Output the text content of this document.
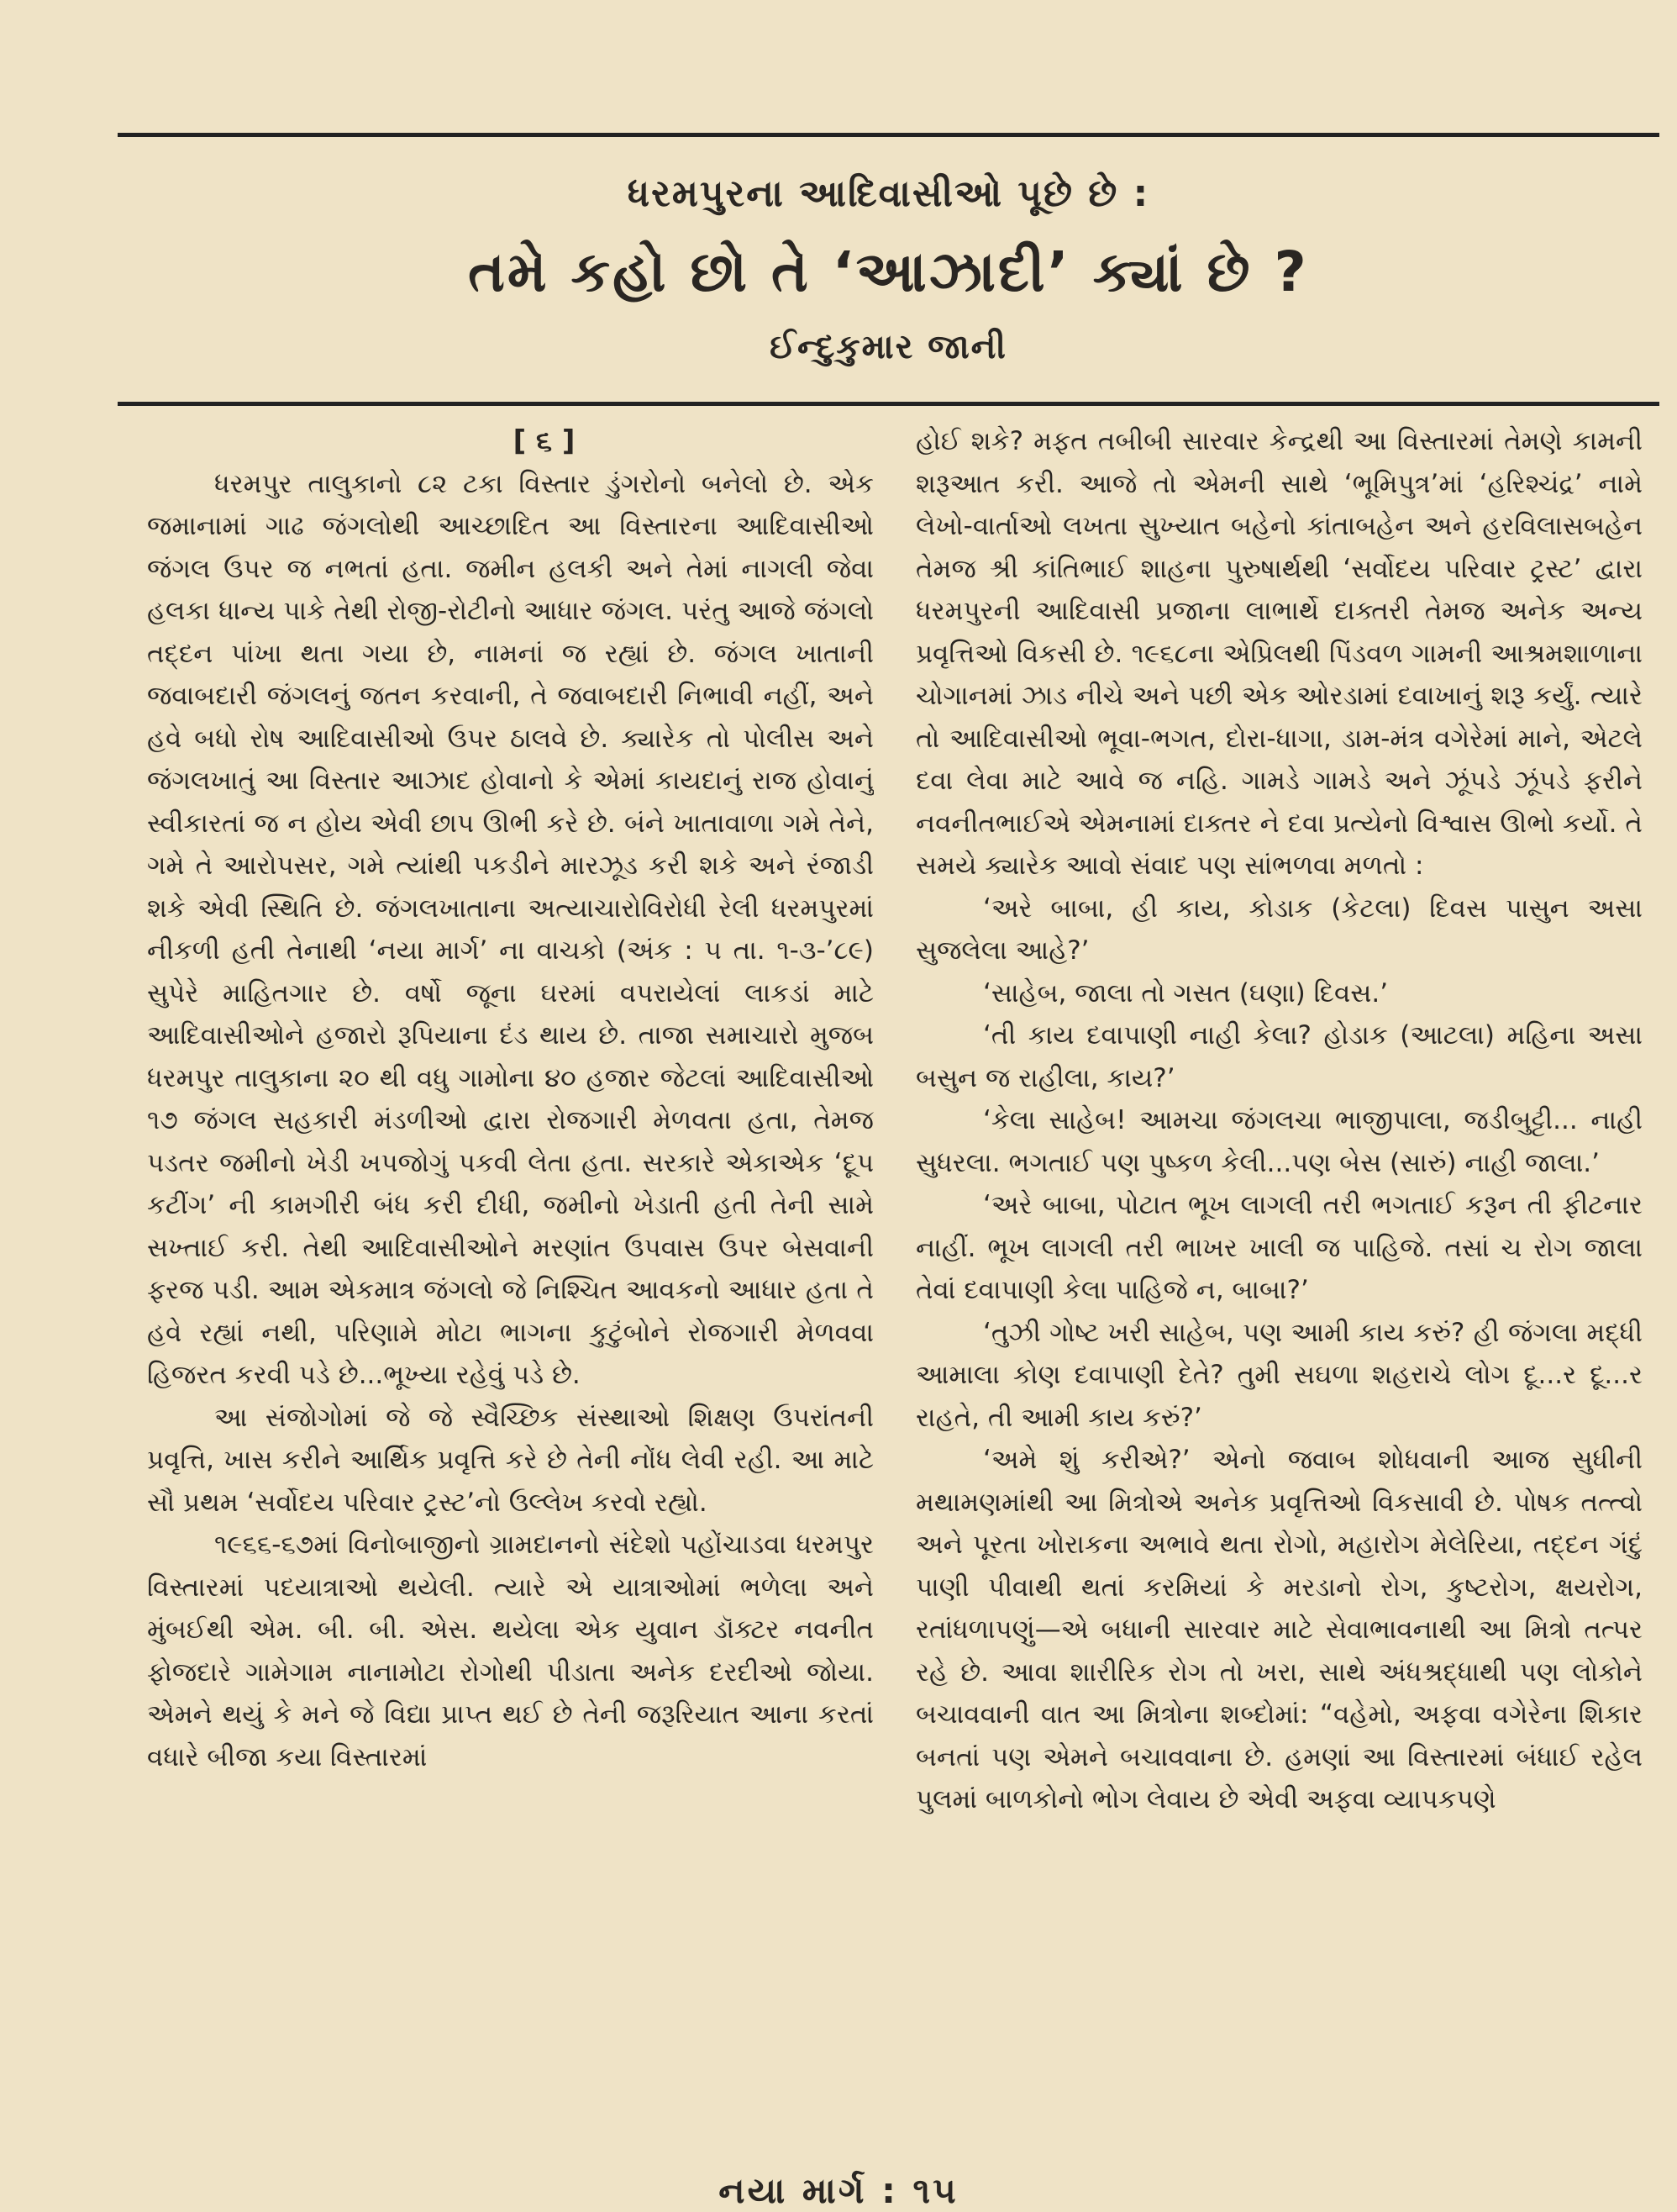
ધરમપુરના આદિવાસીઓ પૂછે છે :
તમે કહો છો તે ‘આઝાદી’ ક્યાં છે ?
ઈન્દુકુમાર જાની

[ ૬ ]

ધરમપુર તાલુકાનો ૮૨ ટકા વિસ્તાર ડુંગરોનો બનેલો છે. એક જમાનામાં ગાઢ જંગલોથી આચ્છાદિત આ વિસ્તારના આદિવાસીઓ જંગલ ઉપર જ નભતાં હતા. જમીન હલકી અને તેમાં નાગલી જેવા હલકા ધાન્ય પાકે તેથી રોજી-રોટીનો આધાર જંગલ. પરંતુ આજે જંગલો તદ્દન પાંખા થતા ગયા છે, નામનાં જ રહ્યાં છે. જંગલ ખાતાની જવાબદારી જંગલનું જતન કરવાની, તે જવાબદારી નિભાવી નહીં, અને હવે બધો રોષ આદિવાસીઓ ઉપર ઠાલવે છે. ક્યારેક તો પોલીસ અને જંગલખાતું આ વિસ્તાર આઝાદ હોવાનો કે એમાં કાયદાનું રાજ હોવાનું સ્વીકારતાં જ ન હોય એવી છાપ ઊભી કરે છે. બંને ખાતાવાળા ગમે તેને, ગમે તે આરોપસર, ગમે ત્યાંથી પકડીને મારઝૂડ કરી શકે અને રંજાડી શકે એવી સ્થિતિ છે. જંગલખાતાના અત્યાચારોવિરોધી રેલી ધરમપુરમાં નીકળી હતી તેનાથી ‘નયા માર્ગ’ ના વાચકો (અંક : ૫ તા. ૧-૩-’૮૯) સુપેરે માહિતગાર છે. વર્ષો જૂના ઘરમાં વપરાયેલાં લાકડાં માટે આદિવાસીઓને હજારો રૂપિયાના દંડ થાય છે. તાજા સમાચારો મુજબ ધરમપુર તાલુકાના ૨૦ થી વધુ ગામોના ૪૦ હજાર જેટલાં આદિવાસીઓ ૧૭ જંગલ સહકારી મંડળીઓ દ્વારા રોજગારી મેળવતા હતા, તેમજ પડતર જમીનો ખેડી ખપજોગું પકવી લેતા હતા. સરકારે એકાએક ‘દૂપ કટીંગ’ ની કામગીરી બંધ કરી દીધી, જમીનો ખેડાતી હતી તેની સામે સખ્તાઈ કરી. તેથી આદિવાસીઓને મરણાંત ઉપવાસ ઉપર બેસવાની ફરજ પડી. આમ એકમાત્ર જંગલો જે નિશ્ચિત આવકનો આધાર હતા તે હવે રહ્યાં નથી, પરિણામે મોટા ભાગના કુટુંબોને રોજગારી મેળવવા હિજરત કરવી પડે છે...ભૂખ્યા રહેવું પડે છે.

આ સંજોગોમાં જે જે સ્વૈચ્છિક સંસ્થાઓ શિક્ષણ ઉપરાંતની પ્રવૃત્તિ, ખાસ કરીને આર્થિક પ્રવૃત્તિ કરે છે તેની નોંધ લેવી રહી. આ માટે સૌ પ્રથમ ‘સર્વોદય પરિવાર ટ્રસ્ટ’નો ઉલ્લેખ કરવો રહ્યો.

૧૯૬૬-૬૭માં વિનોબાજીનો ગ્રામદાનનો સંદેશો પહોંચાડવા ધરમપુર વિસ્તારમાં પદયાત્રાઓ થયેલી. ત્યારે એ યાત્રાઓમાં ભળેલા અને મુંબઈથી એમ. બી. બી. એસ. થયેલા એક યુવાન ડૉક્ટર નવનીત ફોજદારે ગામેગામ નાનામોટા રોગોથી પીડાતા અનેક દરદીઓ જોયા. એમને થયું કે મને જે વિદ્યા પ્રાપ્ત થઈ છે તેની જરૂરિયાત આના કરતાં વધારે બીજા કયા વિસ્તારમાં

હોઈ શકે? મફત તબીબી સારવાર કેન્દ્રથી આ વિસ્તારમાં તેમણે કામની શરૂઆત કરી. આજે તો એમની સાથે ‘ભૂમિપુત્ર’માં ‘હરિશ્ચંદ્ર’ નામે લેખો-વાર્તાઓ લખતા સુખ્યાત બહેનો કાંતાબહેન અને હરવિલાસબહેન તેમજ શ્રી કાંતિભાઈ શાહના પુરુષાર્થથી ‘સર્વોદય પરિવાર ટ્રસ્ટ’ દ્વારા ધરમપુરની આદિવાસી પ્રજાના લાભાર્થે દાક્તરી તેમજ અનેક અન્ય પ્રવૃત્તિઓ વિકસી છે. ૧૯૬૮ના એપ્રિલથી પિંડવળ ગામની આશ્રમશાળાના ચોગાનમાં ઝાડ નીચે અને પછી એક ઓરડામાં દવાખાનું શરૂ કર્યું. ત્યારે તો આદિવાસીઓ ભૂવા-ભગત, દોરા-ધાગા, ડામ-મંત્ર વગેરેમાં માને, એટલે દવા લેવા માટે આવે જ નહિ. ગામડે ગામડે અને ઝૂંપડે ઝૂંપડે ફરીને નવનીતભાઈએ એમનામાં દાક્તર ને દવા પ્રત્યેનો વિશ્વાસ ઊભો કર્યો. તે સમયે ક્યારેક આવો સંવાદ પણ સાંભળવા મળતો :

‘અરે બાબા, હી કાય, કોડાક (કેટલા) દિવસ પાસુન અસા સુજલેલા આહે?’

‘સાહેબ, જાલા તો ગસત (ઘણા) દિવસ.’

‘તી કાય દવાપાણી નાહી કેલા? હોડાક (આટલા) મહિના અસા બસુન જ રાહીલા, કાય?’

‘કેલા સાહેબ! આમચા જંગલચા ભાજીપાલા, જડીબુટ્ટી... નાહી સુધરલા. ભગતાઈ પણ પુષ્કળ કેલી...પણ બેસ (સારું) નાહી જાલા.’

‘અરે બાબા, પોટાત ભૂખ લાગલી તરી ભગતાઈ કરૂન તી ફીટનાર નાહીં. ભૂખ લાગલી તરી ભાખર ખાલી જ પાહિજે. તસાં ચ રોગ જાલા તેવાં દવાપાણી કેલા પાહિજે ન, બાબા?’

‘તુઝી ગોષ્ટ ખરી સાહેબ, પણ આમી કાય કરું? હી જંગલા મદ્ધી આમાલા કોણ દવાપાણી દેતે? તુમી સઘળા શહરાચે લોગ દૂ...ર દૂ...ર રાહતે, તી આમી કાય કરું?’

‘અમે શું કરીએ?’ એનો જવાબ શોધવાની આજ સુધીની મથામણમાંથી આ મિત્રોએ અનેક પ્રવૃત્તિઓ વિકસાવી છે. પોષક તત્ત્વો અને પૂરતા ખોરાકના અભાવે થતા રોગો, મહારોગ મેલેરિયા, તદ્દન ગંદું પાણી પીવાથી થતાં કરમિયાં કે મરડાનો રોગ, કુષ્ટરોગ, ક્ષયરોગ, રતાંધળાપણું—એ બધાની સારવાર માટે સેવાભાવનાથી આ મિત્રો તત્પર રહે છે. આવા શારીરિક રોગ તો ખરા, સાથે અંધશ્રદ્ધાથી પણ લોકોને બચાવવાની વાત આ મિત્રોના શબ્દોમાં: “વહેમો, અફવા વગેરેના શિકાર બનતાં પણ એમને બચાવવાના છે. હમણાં આ વિસ્તારમાં બંધાઈ રહેલ પુલમાં બાળકોનો ભોગ લેવાય છે એવી અફવા વ્યાપકપણે

નયા માર્ગ : ૧૫
